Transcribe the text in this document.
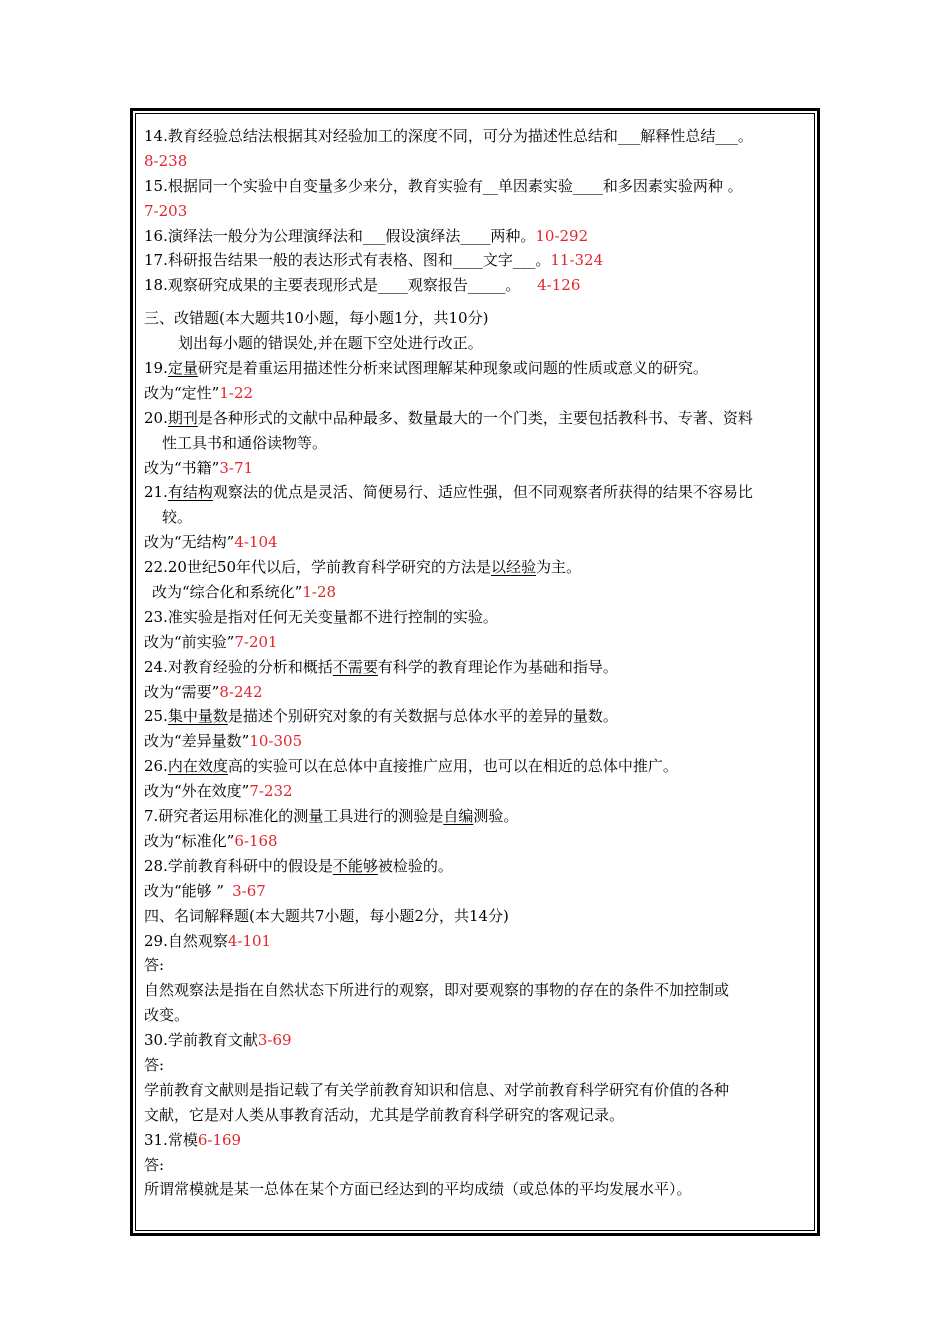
14.教育经验总结法根据其对经验加工的深度不同，可分为描述性总结和___解释性总结___。
8-238
15.根据同一个实验中自变量多少来分，教育实验有__单因素实验____和多因素实验两种 。
7-203
16.演绎法一般分为公理演绎法和___假设演绎法____两种。10-292
17.科研报告结果一般的表达形式有表格、图和____文字___。11-324
18.观察研究成果的主要表现形式是____观察报告_____。 4-126
三、改错题(本大题共10小题，每小题1分，共10分)
划出每小题的错误处,并在题下空处进行改正。
19.定量研究是着重运用描述性分析来试图理解某种现象或问题的性质或意义的研究。
改为“定性”1-22
20.期刊是各种形式的文献中品种最多、数量最大的一个门类，主要包括教科书、专著、资料
性工具书和通俗读物等。
改为“书籍”3-71
21.有结构观察法的优点是灵活、简便易行、适应性强，但不同观察者所获得的结果不容易比
较。
改为“无结构”4-104
22.20世纪50年代以后，学前教育科学研究的方法是以经验为主。
改为“综合化和系统化”1-28
23.准实验是指对任何无关变量都不进行控制的实验。
改为“前实验”7-201
24.对教育经验的分析和概括不需要有科学的教育理论作为基础和指导。
改为“需要”8-242
25.集中量数是描述个别研究对象的有关数据与总体水平的差异的量数。
改为“差异量数”10-305
26.内在效度高的实验可以在总体中直接推广应用，也可以在相近的总体中推广。
改为“外在效度”7-232
7.研究者运用标准化的测量工具进行的测验是自编测验。
改为“标准化”6-168
28.学前教育科研中的假设是不能够被检验的。
改为“能够 ” 3-67
四、名词解释题(本大题共7小题，每小题2分，共14分)
29.自然观察4-101
答:
自然观察法是指在自然状态下所进行的观察，即对要观察的事物的存在的条件不加控制或
改变。
30.学前教育文献3-69
答:
学前教育文献则是指记载了有关学前教育知识和信息、对学前教育科学研究有价值的各种
文献，它是对人类从事教育活动，尤其是学前教育科学研究的客观记录。
31.常模6-169
答:
所谓常模就是某一总体在某个方面已经达到的平均成绩（或总体的平均发展水平）。
